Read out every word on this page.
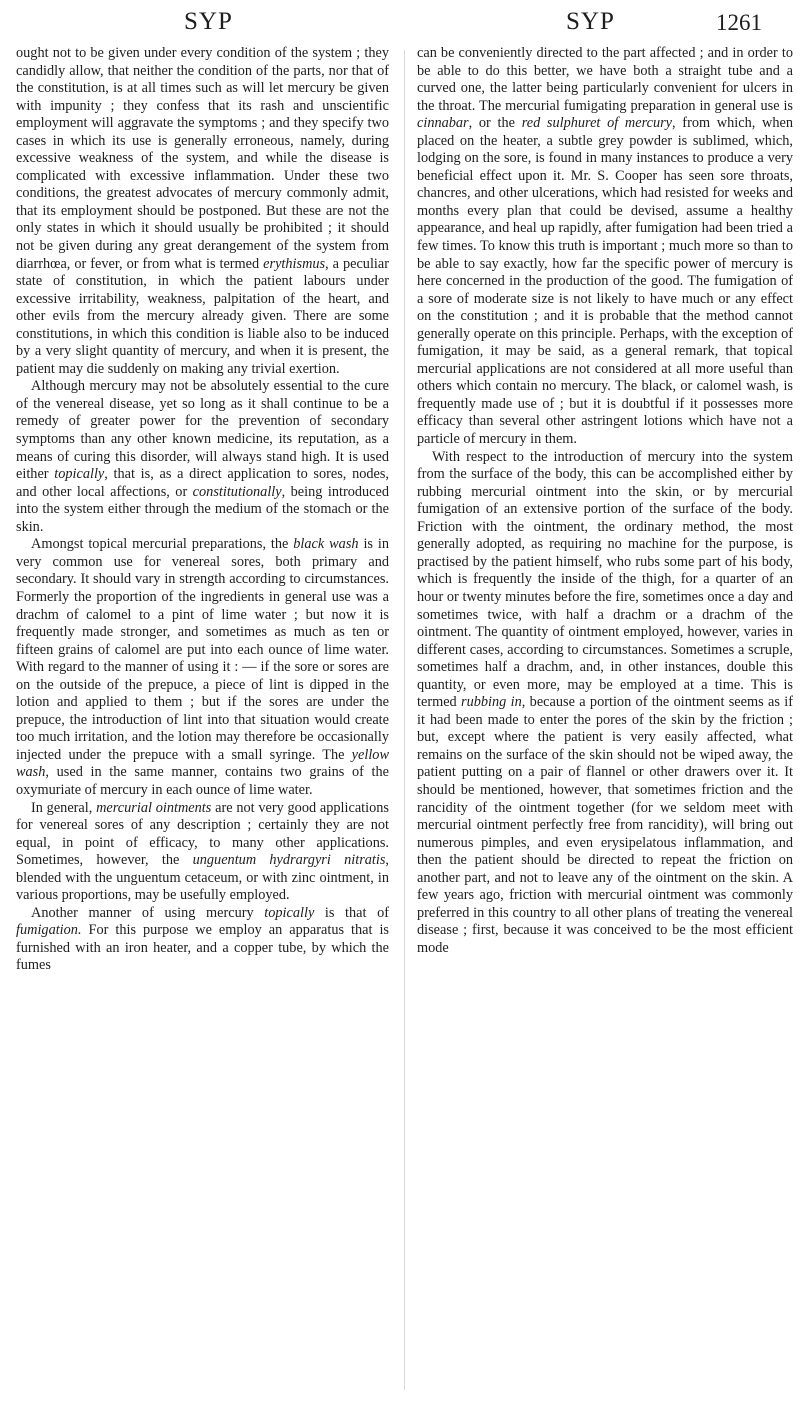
SYP	SYP	1261

ought not to be given under every condition of the system ; they candidly allow, that neither the condition of the parts, nor that of the constitution, is at all times such as will let mercury be given with impunity ; they confess that its rash and unscientific employment will aggravate the symptoms ; and they specify two cases in which its use is generally erroneous, namely, during excessive weakness of the system, and while the disease is complicated with excessive inflammation. Under these two conditions, the greatest advocates of mercury commonly admit, that its employment should be postponed. But these are not the only states in which it should usually be prohibited ; it should not be given during any great derangement of the system from diarrhœa, or fever, or from what is termed erythismus, a peculiar state of constitution, in which the patient labours under excessive irritability, weakness, palpitation of the heart, and other evils from the mercury already given. There are some constitutions, in which this condition is liable also to be induced by a very slight quantity of mercury, and when it is present, the patient may die suddenly on making any trivial exertion.

Although mercury may not be absolutely essential to the cure of the venereal disease, yet so long as it shall continue to be a remedy of greater power for the prevention of secondary symptoms than any other known medicine, its reputation, as a means of curing this disorder, will always stand high. It is used either topically, that is, as a direct application to sores, nodes, and other local affections, or constitutionally, being introduced into the system either through the medium of the stomach or the skin.

Amongst topical mercurial preparations, the black wash is in very common use for venereal sores, both primary and secondary. It should vary in strength according to circumstances. Formerly the proportion of the ingredients in general use was a drachm of calomel to a pint of lime water ; but now it is frequently made stronger, and sometimes as much as ten or fifteen grains of calomel are put into each ounce of lime water. With regard to the manner of using it : — if the sore or sores are on the outside of the prepuce, a piece of lint is dipped in the lotion and applied to them ; but if the sores are under the prepuce, the introduction of lint into that situation would create too much irritation, and the lotion may therefore be occasionally injected under the prepuce with a small syringe. The yellow wash, used in the same manner, contains two grains of the oxymuriate of mercury in each ounce of lime water.

In general, mercurial ointments are not very good applications for venereal sores of any description ; certainly they are not equal, in point of efficacy, to many other applications. Sometimes, however, the unguentum hydrargyri nitratis, blended with the unguentum cetaceum, or with zinc ointment, in various proportions, may be usefully employed.

Another manner of using mercury topically is that of fumigation. For this purpose we employ an apparatus that is furnished with an iron heater, and a copper tube, by which the fumes

can be conveniently directed to the part affected ; and in order to be able to do this better, we have both a straight tube and a curved one, the latter being particularly convenient for ulcers in the throat. The mercurial fumigating preparation in general use is cinnabar, or the red sulphuret of mercury, from which, when placed on the heater, a subtle grey powder is sublimed, which, lodging on the sore, is found in many instances to produce a very beneficial effect upon it. Mr. S. Cooper has seen sore throats, chancres, and other ulcerations, which had resisted for weeks and months every plan that could be devised, assume a healthy appearance, and heal up rapidly, after fumigation had been tried a few times. To know this truth is important ; much more so than to be able to say exactly, how far the specific power of mercury is here concerned in the production of the good. The fumigation of a sore of moderate size is not likely to have much or any effect on the constitution ; and it is probable that the method cannot generally operate on this principle. Perhaps, with the exception of fumigation, it may be said, as a general remark, that topical mercurial applications are not considered at all more useful than others which contain no mercury. The black, or calomel wash, is frequently made use of ; but it is doubtful if it possesses more efficacy than several other astringent lotions which have not a particle of mercury in them.

With respect to the introduction of mercury into the system from the surface of the body, this can be accomplished either by rubbing mercurial ointment into the skin, or by mercurial fumigation of an extensive portion of the surface of the body. Friction with the ointment, the ordinary method, the most generally adopted, as requiring no machine for the purpose, is practised by the patient himself, who rubs some part of his body, which is frequently the inside of the thigh, for a quarter of an hour or twenty minutes before the fire, sometimes once a day and sometimes twice, with half a drachm or a drachm of the ointment. The quantity of ointment employed, however, varies in different cases, according to circumstances. Sometimes a scruple, sometimes half a drachm, and, in other instances, double this quantity, or even more, may be employed at a time. This is termed rubbing in, because a portion of the ointment seems as if it had been made to enter the pores of the skin by the friction ; but, except where the patient is very easily affected, what remains on the surface of the skin should not be wiped away, the patient putting on a pair of flannel or other drawers over it. It should be mentioned, however, that sometimes friction and the rancidity of the ointment together (for we seldom meet with mercurial ointment perfectly free from rancidity), will bring out numerous pimples, and even erysipelatous inflammation, and then the patient should be directed to repeat the friction on another part, and not to leave any of the ointment on the skin. A few years ago, friction with mercurial ointment was commonly preferred in this country to all other plans of treating the venereal disease ; first, because it was conceived to be the most efficient mode
